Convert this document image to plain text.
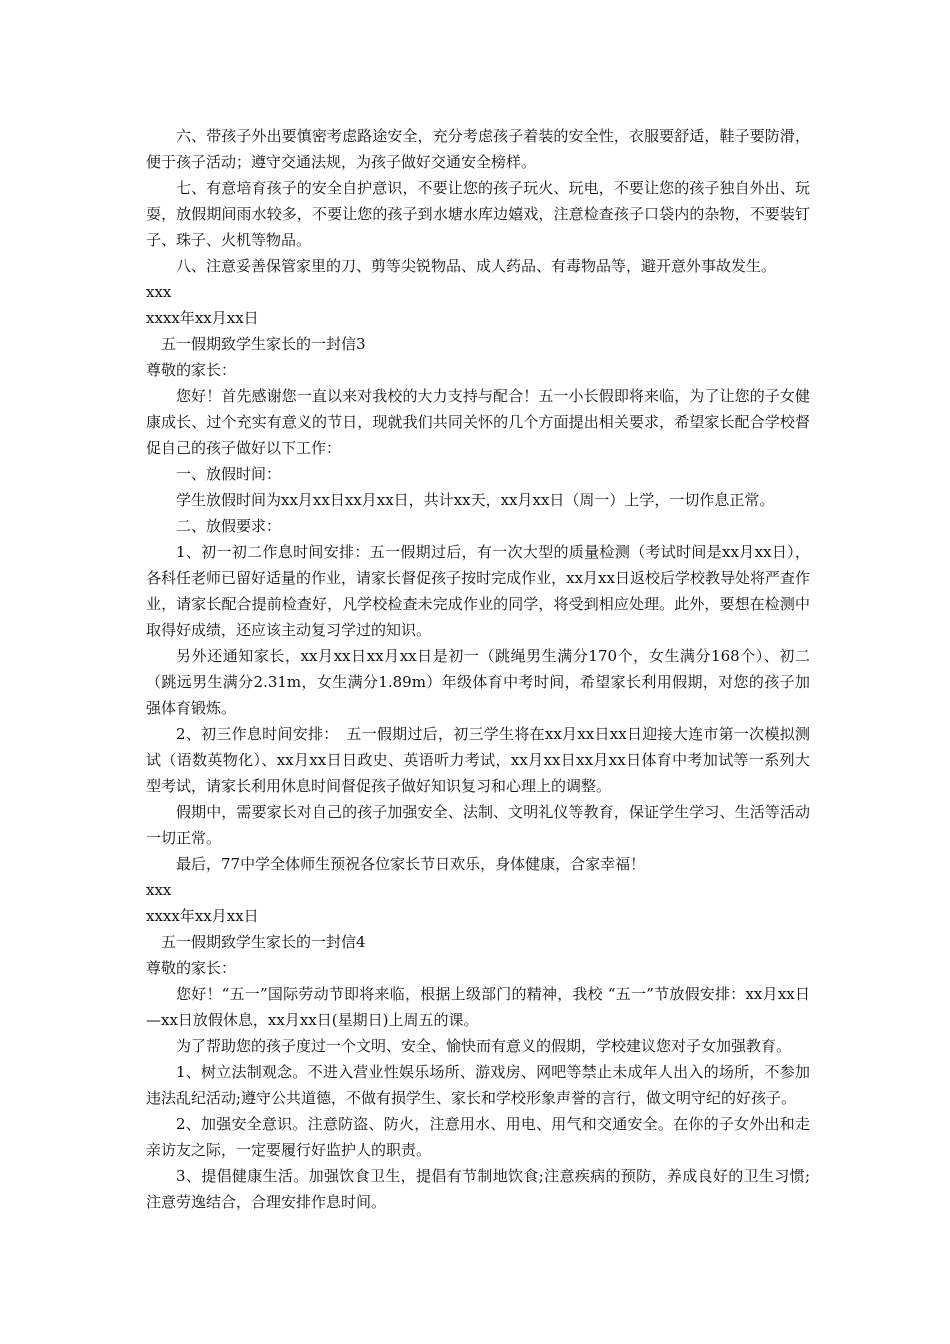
六、带孩子外出要慎密考虑路途安全，充分考虑孩子着装的安全性，衣服要舒适，鞋子要防滑，便于孩子活动；遵守交通法规，为孩子做好交通安全榜样。

七、有意培育孩子的安全自护意识，不要让您的孩子玩火、玩电，不要让您的孩子独自外出、玩耍，放假期间雨水较多，不要让您的孩子到水塘水库边嬉戏，注意检查孩子口袋内的杂物，不要装钉子、珠子、火机等物品。

八、注意妥善保管家里的刀、剪等尖锐物品、成人药品、有毒物品等，避开意外事故发生。

xxx

xxxx年xx月xx日

五一假期致学生家长的一封信3

尊敬的家长：

您好！首先感谢您一直以来对我校的大力支持与配合！五一小长假即将来临，为了让您的子女健康成长、过个充实有意义的节日，现就我们共同关怀的几个方面提出相关要求，希望家长配合学校督促自己的孩子做好以下工作：

一、放假时间：

学生放假时间为xx月xx日xx月xx日，共计xx天，xx月xx日（周一）上学，一切作息正常。

二、放假要求：

1、初一初二作息时间安排：五一假期过后，有一次大型的质量检测（考试时间是xx月xx日），各科任老师已留好适量的作业，请家长督促孩子按时完成作业，xx月xx日返校后学校教导处将严查作业，请家长配合提前检查好，凡学校检查未完成作业的同学，将受到相应处理。此外，要想在检测中取得好成绩，还应该主动复习学过的知识。

另外还通知家长，xx月xx日xx月xx日是初一（跳绳男生满分170个，女生满分168个）、初二（跳远男生满分2.31m，女生满分1.89m）年级体育中考时间，希望家长利用假期，对您的孩子加强体育锻炼。

2、初三作息时间安排：　五一假期过后，初三学生将在xx月xx日xx日迎接大连市第一次模拟测试（语数英物化）、xx月xx日日政史、英语听力考试，xx月xx日xx月xx日体育中考加试等一系列大型考试，请家长利用休息时间督促孩子做好知识复习和心理上的调整。

假期中，需要家长对自己的孩子加强安全、法制、文明礼仪等教育，保证学生学习、生活等活动一切正常。

最后，77中学全体师生预祝各位家长节日欢乐，身体健康，合家幸福！

xxx

xxxx年xx月xx日

五一假期致学生家长的一封信4

尊敬的家长：

您好！“五一”国际劳动节即将来临，根据上级部门的精神，我校 “五一”节放假安排：xx月xx日—xx日放假休息，xx月xx日(星期日)上周五的课。

为了帮助您的孩子度过一个文明、安全、愉快而有意义的假期，学校建议您对子女加强教育。

1、树立法制观念。不进入营业性娱乐场所、游戏房、网吧等禁止未成年人出入的场所，不参加违法乱纪活动;遵守公共道德，不做有损学生、家长和学校形象声誉的言行，做文明守纪的好孩子。

2、加强安全意识。注意防盗、防火，注意用水、用电、用气和交通安全。在你的子女外出和走亲访友之际，一定要履行好监护人的职责。

3、提倡健康生活。加强饮食卫生，提倡有节制地饮食;注意疾病的预防，养成良好的卫生习惯;注意劳逸结合，合理安排作息时间。
